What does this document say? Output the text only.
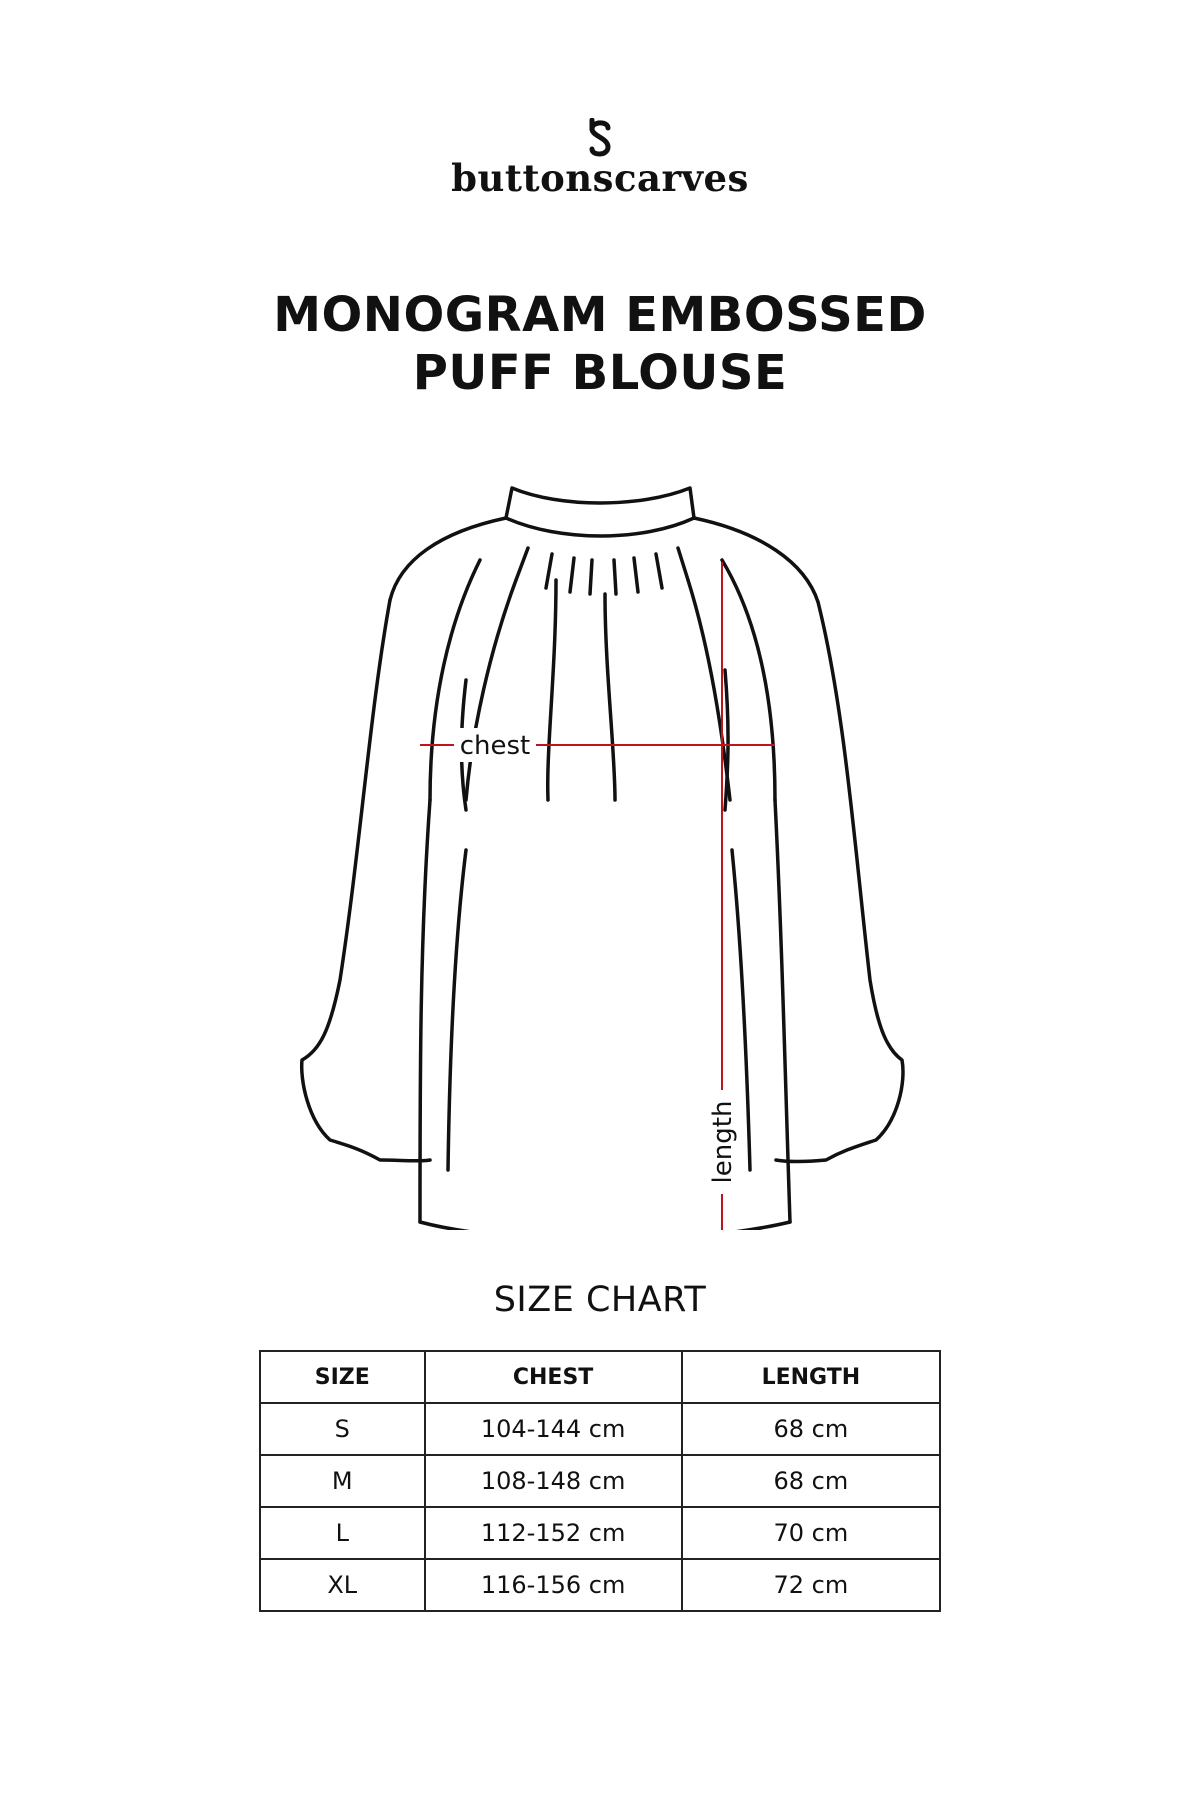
buttonscarves
MONOGRAM EMBOSSED
PUFF BLOUSE
chest
length
SIZE CHART
SIZE	CHEST	LENGTH
S	104-144 cm	68 cm
M	108-148 cm	68 cm
L	112-152 cm	70 cm
XL	116-156 cm	72 cm
